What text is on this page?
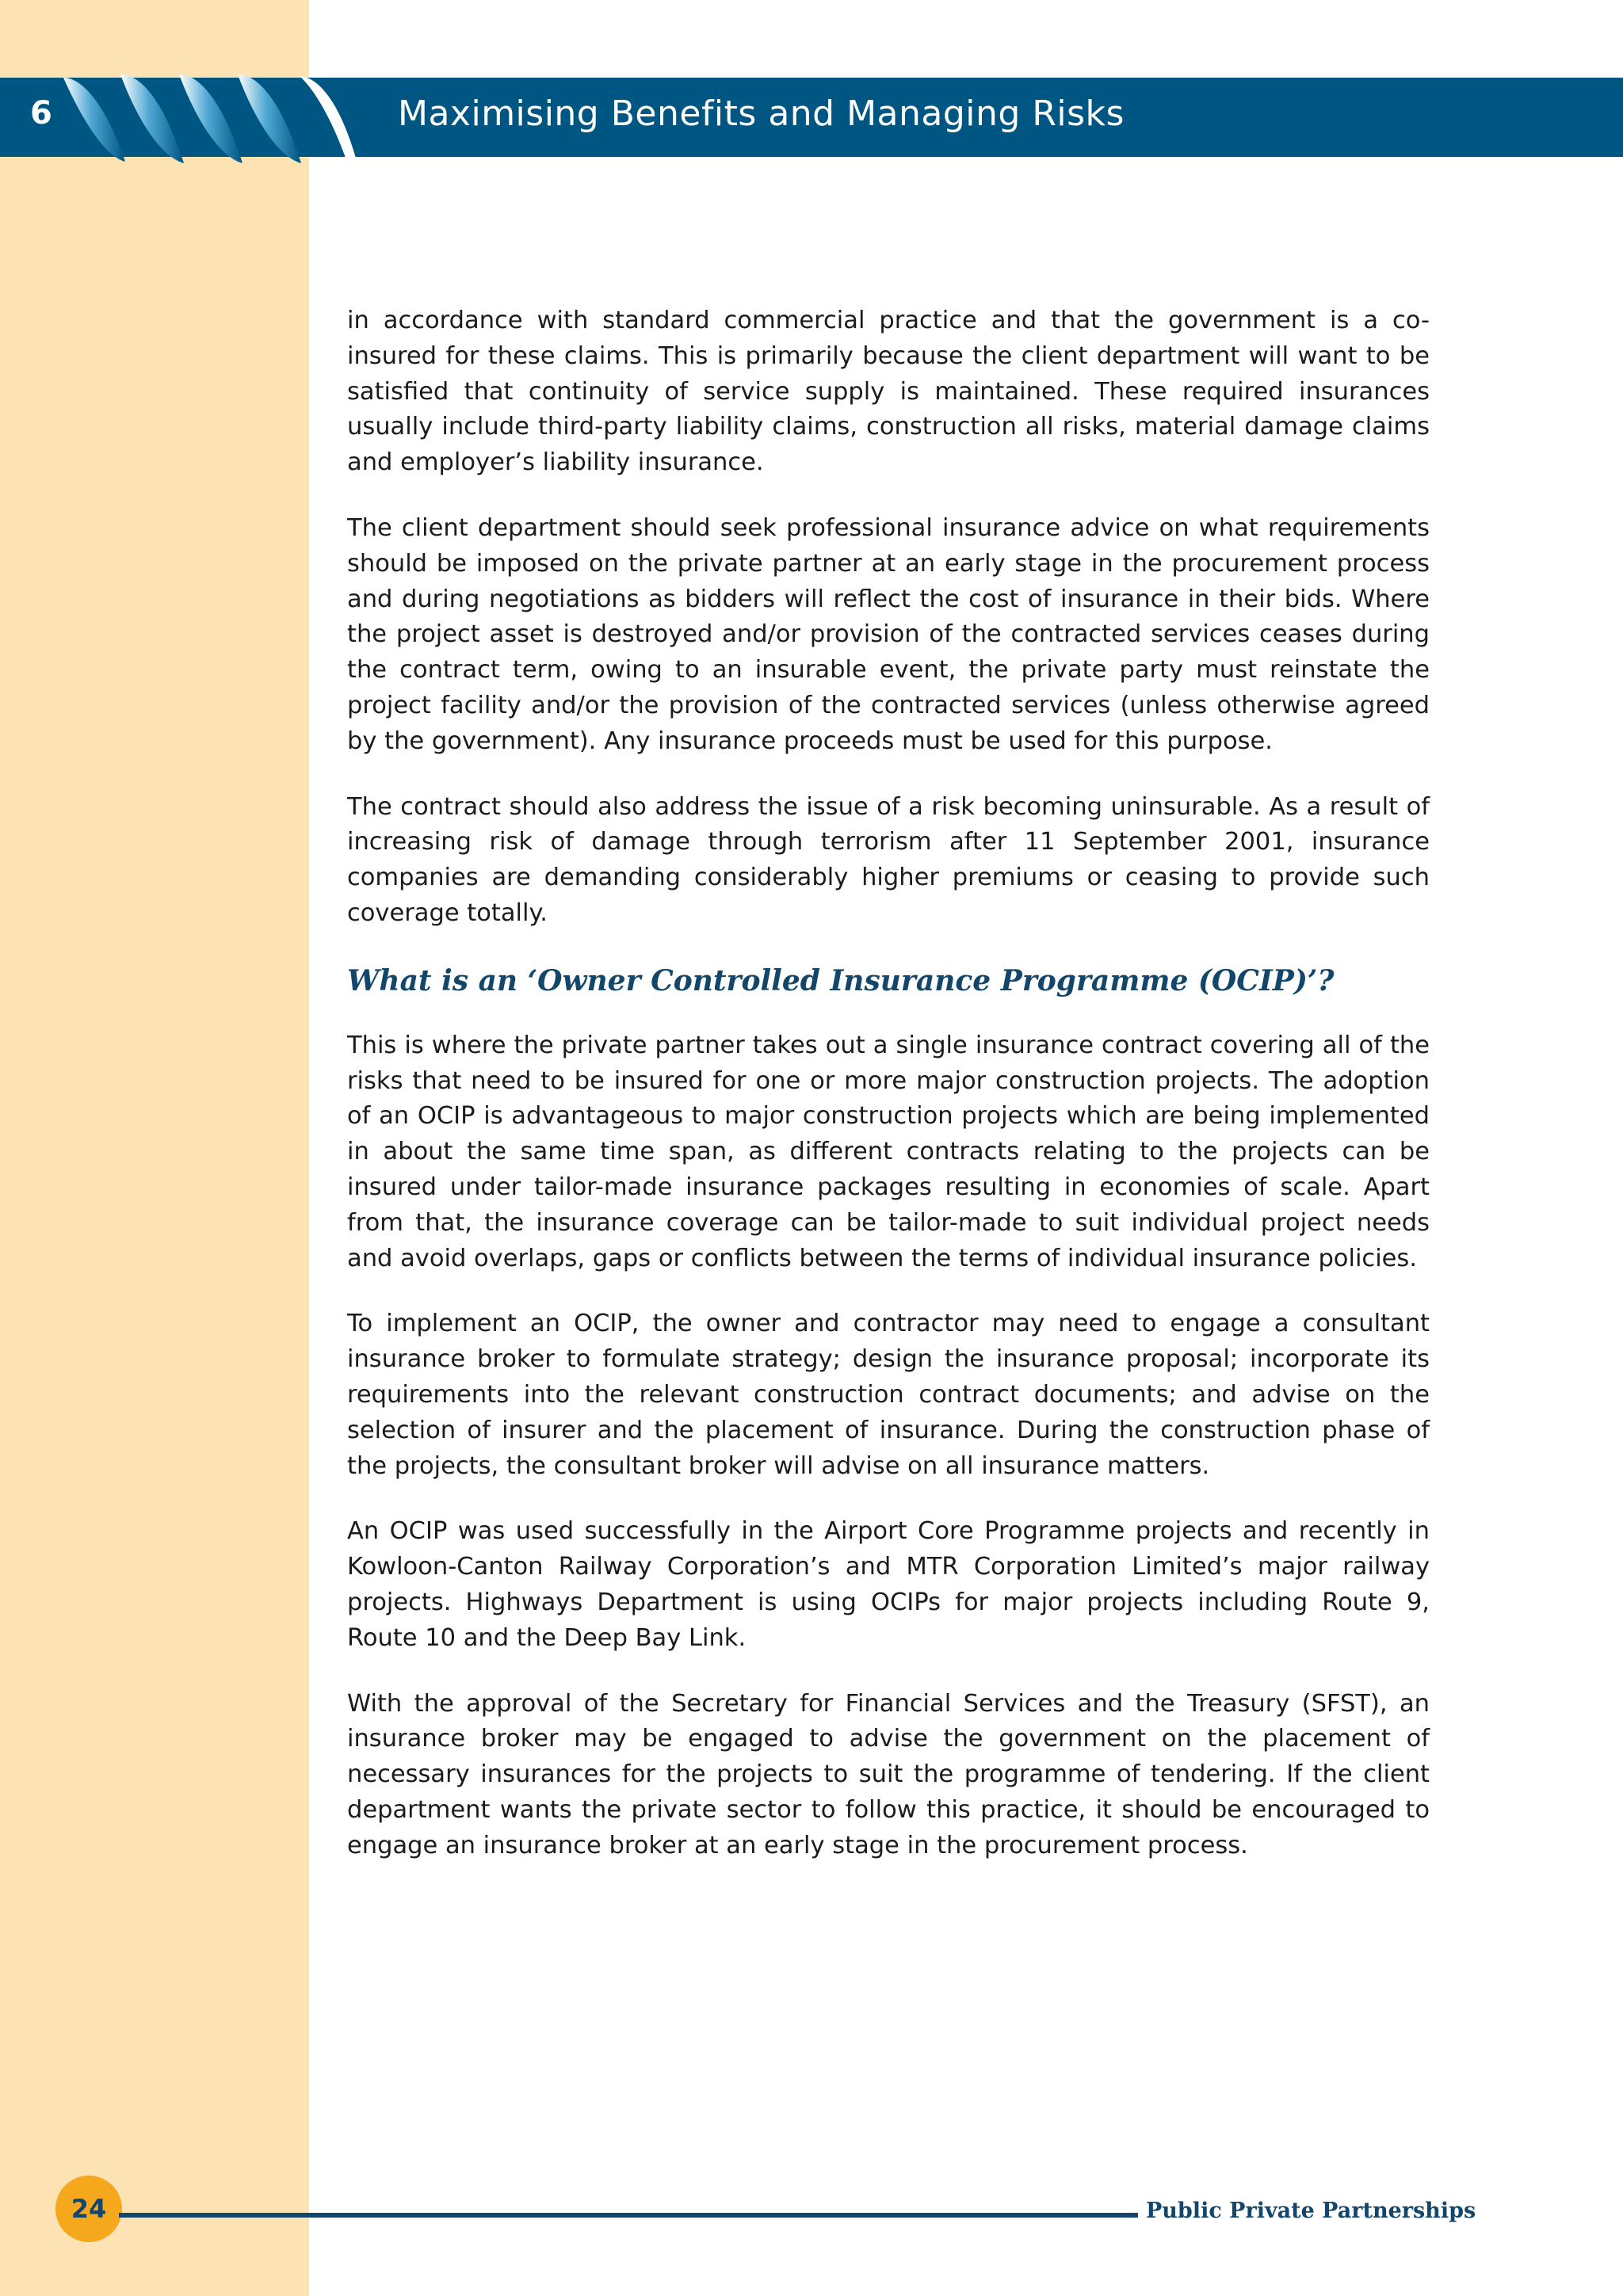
6	Maximising Benefits and Managing Risks

in accordance with standard commercial practice and that the government is a co-insured for these claims. This is primarily because the client department will want to be satisfied that continuity of service supply is maintained. These required insurances usually include third-party liability claims, construction all risks, material damage claims and employer’s liability insurance.

The client department should seek professional insurance advice on what requirements should be imposed on the private partner at an early stage in the procurement process and during negotiations as bidders will reflect the cost of insurance in their bids. Where the project asset is destroyed and/or provision of the contracted services ceases during the contract term, owing to an insurable event, the private party must reinstate the project facility and/or the provision of the contracted services (unless otherwise agreed by the government). Any insurance proceeds must be used for this purpose.

The contract should also address the issue of a risk becoming uninsurable. As a result of increasing risk of damage through terrorism after 11 September 2001, insurance companies are demanding considerably higher premiums or ceasing to provide such coverage totally.

What is an ‘Owner Controlled Insurance Programme (OCIP)’?

This is where the private partner takes out a single insurance contract covering all of the risks that need to be insured for one or more major construction projects. The adoption of an OCIP is advantageous to major construction projects which are being implemented in about the same time span, as different contracts relating to the projects can be insured under tailor-made insurance packages resulting in economies of scale. Apart from that, the insurance coverage can be tailor-made to suit individual project needs and avoid overlaps, gaps or conflicts between the terms of individual insurance policies.

To implement an OCIP, the owner and contractor may need to engage a consultant insurance broker to formulate strategy; design the insurance proposal; incorporate its requirements into the relevant construction contract documents; and advise on the selection of insurer and the placement of insurance. During the construction phase of the projects, the consultant broker will advise on all insurance matters.

An OCIP was used successfully in the Airport Core Programme projects and recently in Kowloon-Canton Railway Corporation’s and MTR Corporation Limited’s major railway projects. Highways Department is using OCIPs for major projects including Route 9, Route 10 and the Deep Bay Link.

With the approval of the Secretary for Financial Services and the Treasury (SFST), an insurance broker may be engaged to advise the government on the placement of necessary insurances for the projects to suit the programme of tendering. If the client department wants the private sector to follow this practice, it should be encouraged to engage an insurance broker at an early stage in the procurement process.

24	Public Private Partnerships
